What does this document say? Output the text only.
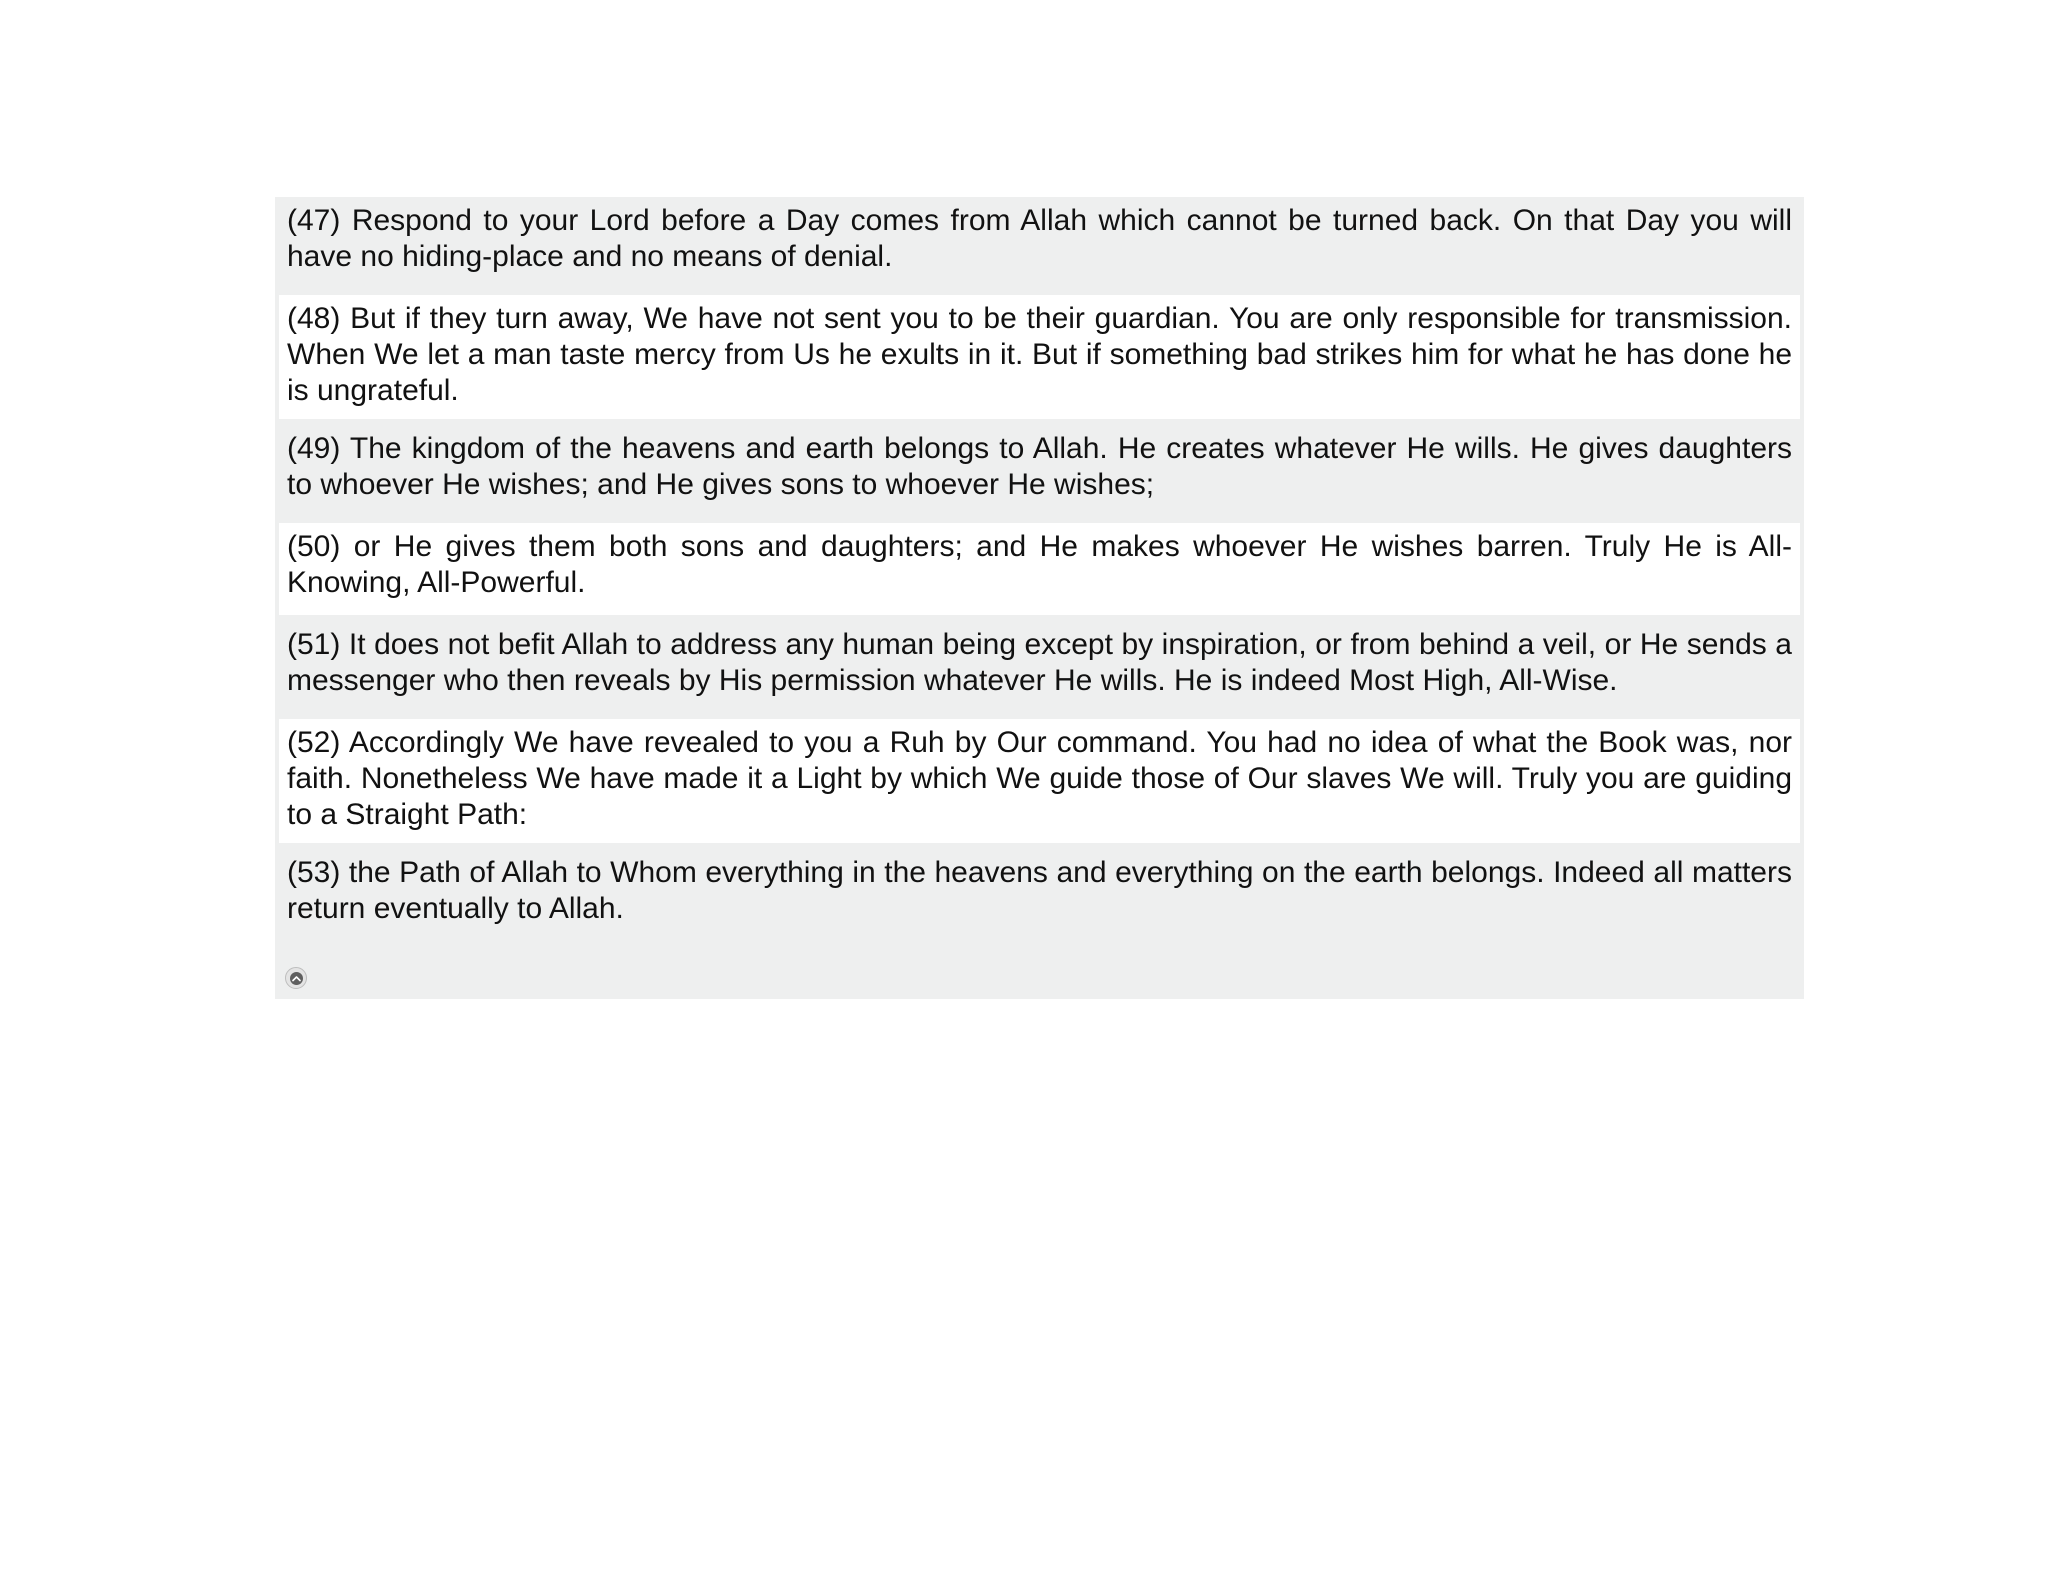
(47) Respond to your Lord before a Day comes from Allah which cannot be turned back. On that Day you will have no hiding-place and no means of denial.
(48) But if they turn away, We have not sent you to be their guardian. You are only responsible for transmission. When We let a man taste mercy from Us he exults in it. But if something bad strikes him for what he has done he is ungrateful.
(49) The kingdom of the heavens and earth belongs to Allah. He creates whatever He wills. He gives daughters to whoever He wishes; and He gives sons to whoever He wishes;
(50) or He gives them both sons and daughters; and He makes whoever He wishes barren. Truly He is All-Knowing, All-Powerful.
(51) It does not befit Allah to address any human being except by inspiration, or from behind a veil, or He sends a messenger who then reveals by His permission whatever He wills. He is indeed Most High, All-Wise.
(52) Accordingly We have revealed to you a Ruh by Our command. You had no idea of what the Book was, nor faith. Nonetheless We have made it a Light by which We guide those of Our slaves We will. Truly you are guiding to a Straight Path:
(53) the Path of Allah to Whom everything in the heavens and everything on the earth belongs. Indeed all matters return eventually to Allah.
